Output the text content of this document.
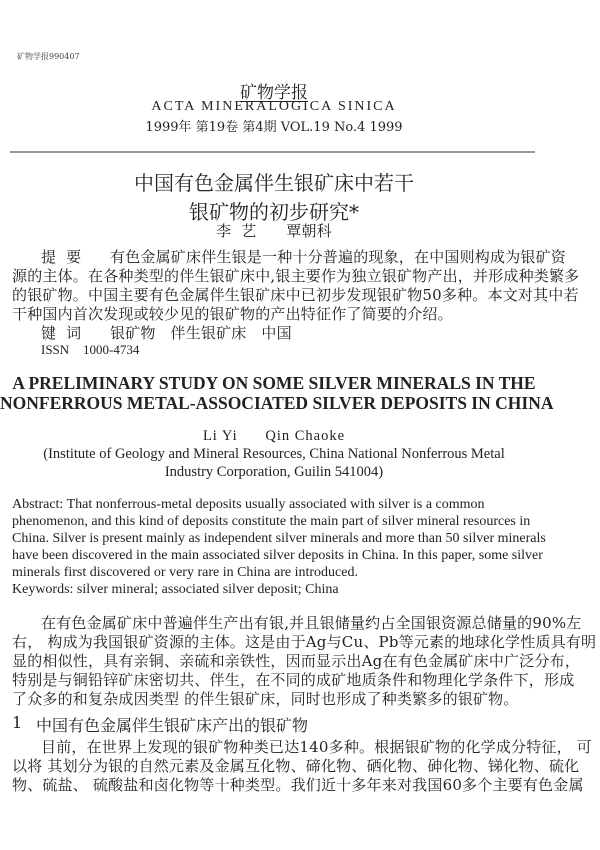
矿物学报990407
矿物学报
ACTA MINERALOGICA SINICA
1999年 第19卷 第4期 VOL.19 No.4 1999
中国有色金属伴生银矿床中若干
银矿物的初步研究*
李  艺      覃朝科
提  要 有色金属矿床伴生银是一种十分普遍的现象，在中国则构成为银矿资
源的主体。在各种类型的伴生银矿床中,银主要作为独立银矿物产出，并形成种类繁多
的银矿物。中国主要有色金属伴生银矿床中已初步发现银矿物50多种。本文对其中若
干种国内首次发现或较少见的银矿物的产出特征作了简要的介绍。
键  词 银矿物   伴生银矿床   中国
ISSN 1000-4734
A PRELIMINARY STUDY ON SOME SILVER MINERALS IN THE
NONFERROUS METAL-ASSOCIATED SILVER DEPOSITS IN CHINA
Li Yi      Qin Chaoke
(Institute of Geology and Mineral Resources, China National Nonferrous Metal
Industry Corporation, Guilin 541004)
Abstract: That nonferrous-metal deposits usually associated with silver is a common
phenomenon, and this kind of deposits constitute the main part of silver mineral resources in
China. Silver is present mainly as independent silver minerals and more than 50 silver minerals
have been discovered in the main associated silver deposits in China. In this paper, some silver
minerals first discovered or very rare in China are introduced.
Keywords: silver mineral; associated silver deposit; China
在有色金属矿床中普遍伴生产出有银,并且银储量约占全国银资源总储量的90%左
右， 构成为我国银矿资源的主体。这是由于Ag与Cu、Pb等元素的地球化学性质具有明
显的相似性，具有亲铜、亲硫和亲铁性，因而显示出Ag在有色金属矿床中广泛分布，
特别是与铜铅锌矿床密切共、伴生，在不同的成矿地质条件和物理化学条件下，形成
了众多的和复杂成因类型 的伴生银矿床，同时也形成了种类繁多的银矿物。
1 中国有色金属伴生银矿床产出的银矿物
目前，在世界上发现的银矿物种类已达140多种。根据银矿物的化学成分特征， 可
以将 其划分为银的自然元素及金属互化物、碲化物、硒化物、砷化物、锑化物、硫化
物、硫盐、 硫酸盐和卤化物等十种类型。我们近十多年来对我国60多个主要有色金属
